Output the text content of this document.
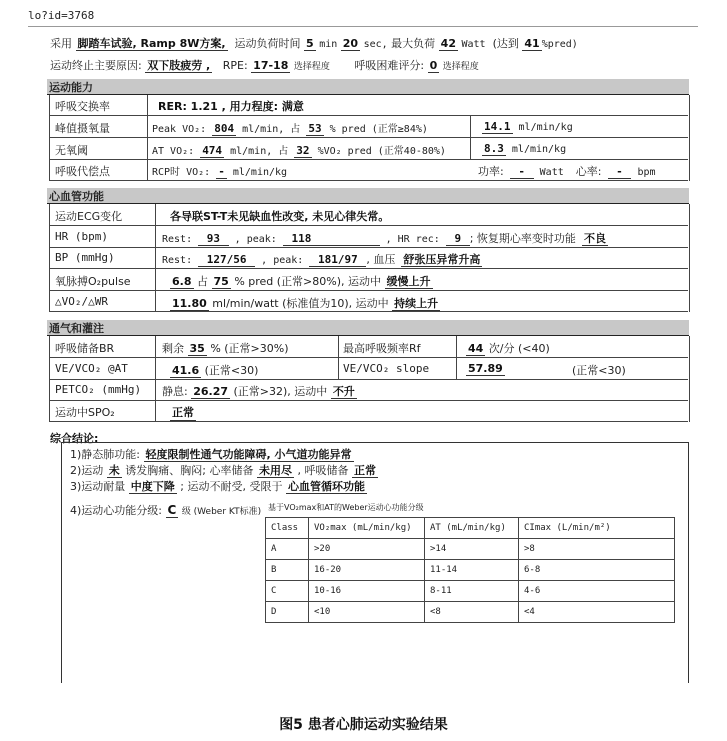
lo?id=3768
采用 脚踏车试验, Ramp 8W方案, 运动负荷时间 5 min 20 sec, 最大负荷 42 Watt (达到 41 %pred)
运动终止主要原因: 双下肢疲劳 , RPE: 17-18 选择程度 呼吸困难评分: 0 选择程度
运动能力
呼吸交换率	RER: 1.21 , 用力程度: 满意
峰值摄氧量	Peak VO₂: 804 ml/min, 占 53 % pred (正常≥84%)	14.1 ml/min/kg
无氧阈	AT VO₂: 474 ml/min, 占 32 %VO₂ pred (正常40-80%)	8.3 ml/min/kg
呼吸代偿点	RCP时 VO₂: - ml/min/kg	功率: - Watt 心率: - bpm
心血管功能
运动ECG变化	各导联ST-T未见缺血性改变, 未见心律失常。
HR (bpm)	Rest: 93 , peak: 118	, HR rec: 9 ; 恢复期心率变时功能 不良
BP (mmHg)	Rest: 127/56 , peak: 181/97 , 血压 舒张压异常升高
氧脉搏O₂pulse	6.8 占 75 % pred (正常>80%), 运动中 缓慢上升
△VO₂/△WR	11.80 ml/min/watt (标准值为10), 运动中 持续上升
通气和灌注
呼吸储备BR	剩余 35 % (正常>30%)	最高呼吸频率Rf	44 次/分 (<40)
VE/VCO₂ @AT	41.6 (正常<30)	VE/VCO₂ slope	57.89	(正常<30)
PETCO₂ (mmHg) 静息: 26.27 (正常>32), 运动中 不升
运动中SPO₂	正常
综合结论:
1)静态肺功能: 轻度限制性通气功能障碍, 小气道功能异常
2)运动 未 诱发胸痛、胸闷; 心率储备 未用尽 , 呼吸储备 正常
3)运动耐量 中度下降 ; 运动不耐受, 受限于 心血管循环功能
4)运动心功能分级: C 级 (Weber KT标准) 基于VO₂max和AT的Weber运动心功能分级
Class	VO₂max (mL/min/kg)	AT (mL/min/kg)	CImax (L/min/m²)
A	>20	>14	>8
B	16-20	11-14	6-8
C	10-16	8-11	4-6
D	<10	<8	<4
图5 患者心肺运动实验结果
